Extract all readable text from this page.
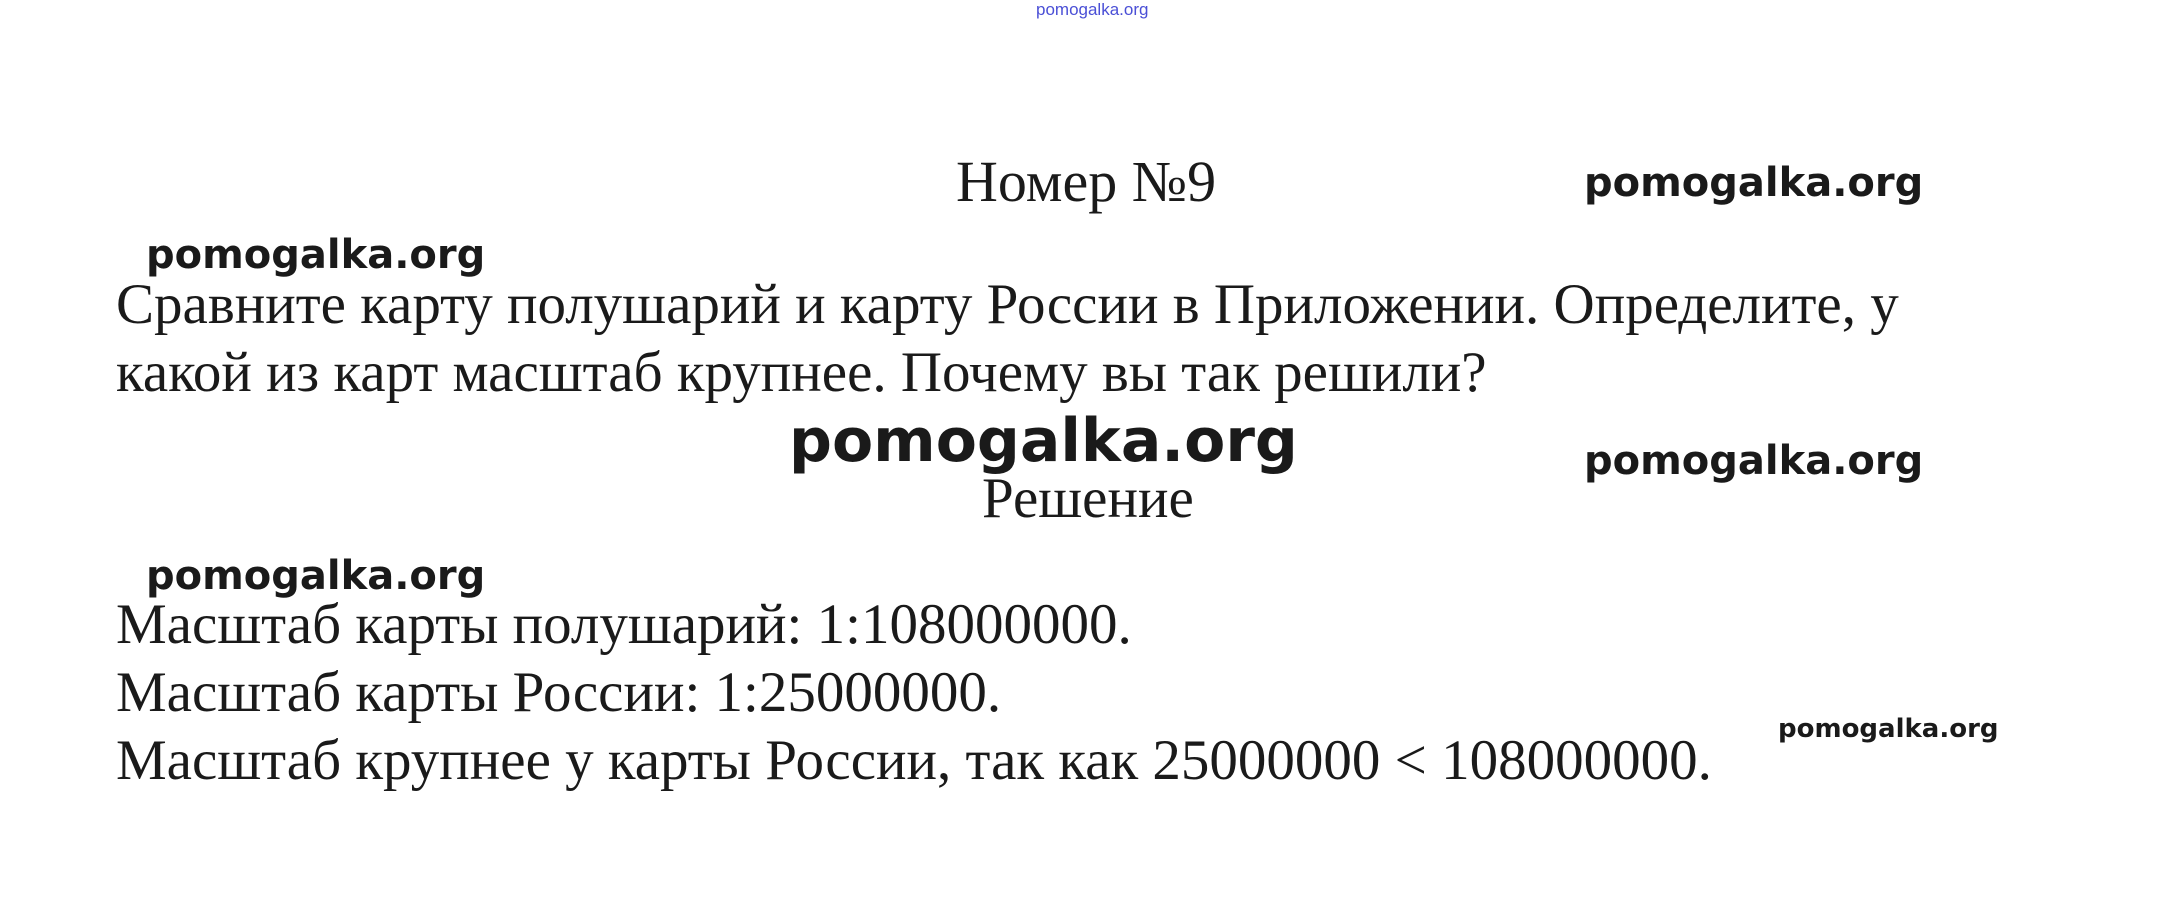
pomogalka.org
Номер №9	pomogalka.org
pomogalka.org
Сравните карту полушарий и карту России в Приложении. Определите, у
какой из карт масштаб крупнее. Почему вы так решили?
pomogalka.org	pomogalka.org
Решение
pomogalka.org
Масштаб карты полушарий: 1:108000000.
Масштаб карты России: 1:25000000.
pomogalka.org
Масштаб крупнее у карты России, так как 25000000 < 108000000.
